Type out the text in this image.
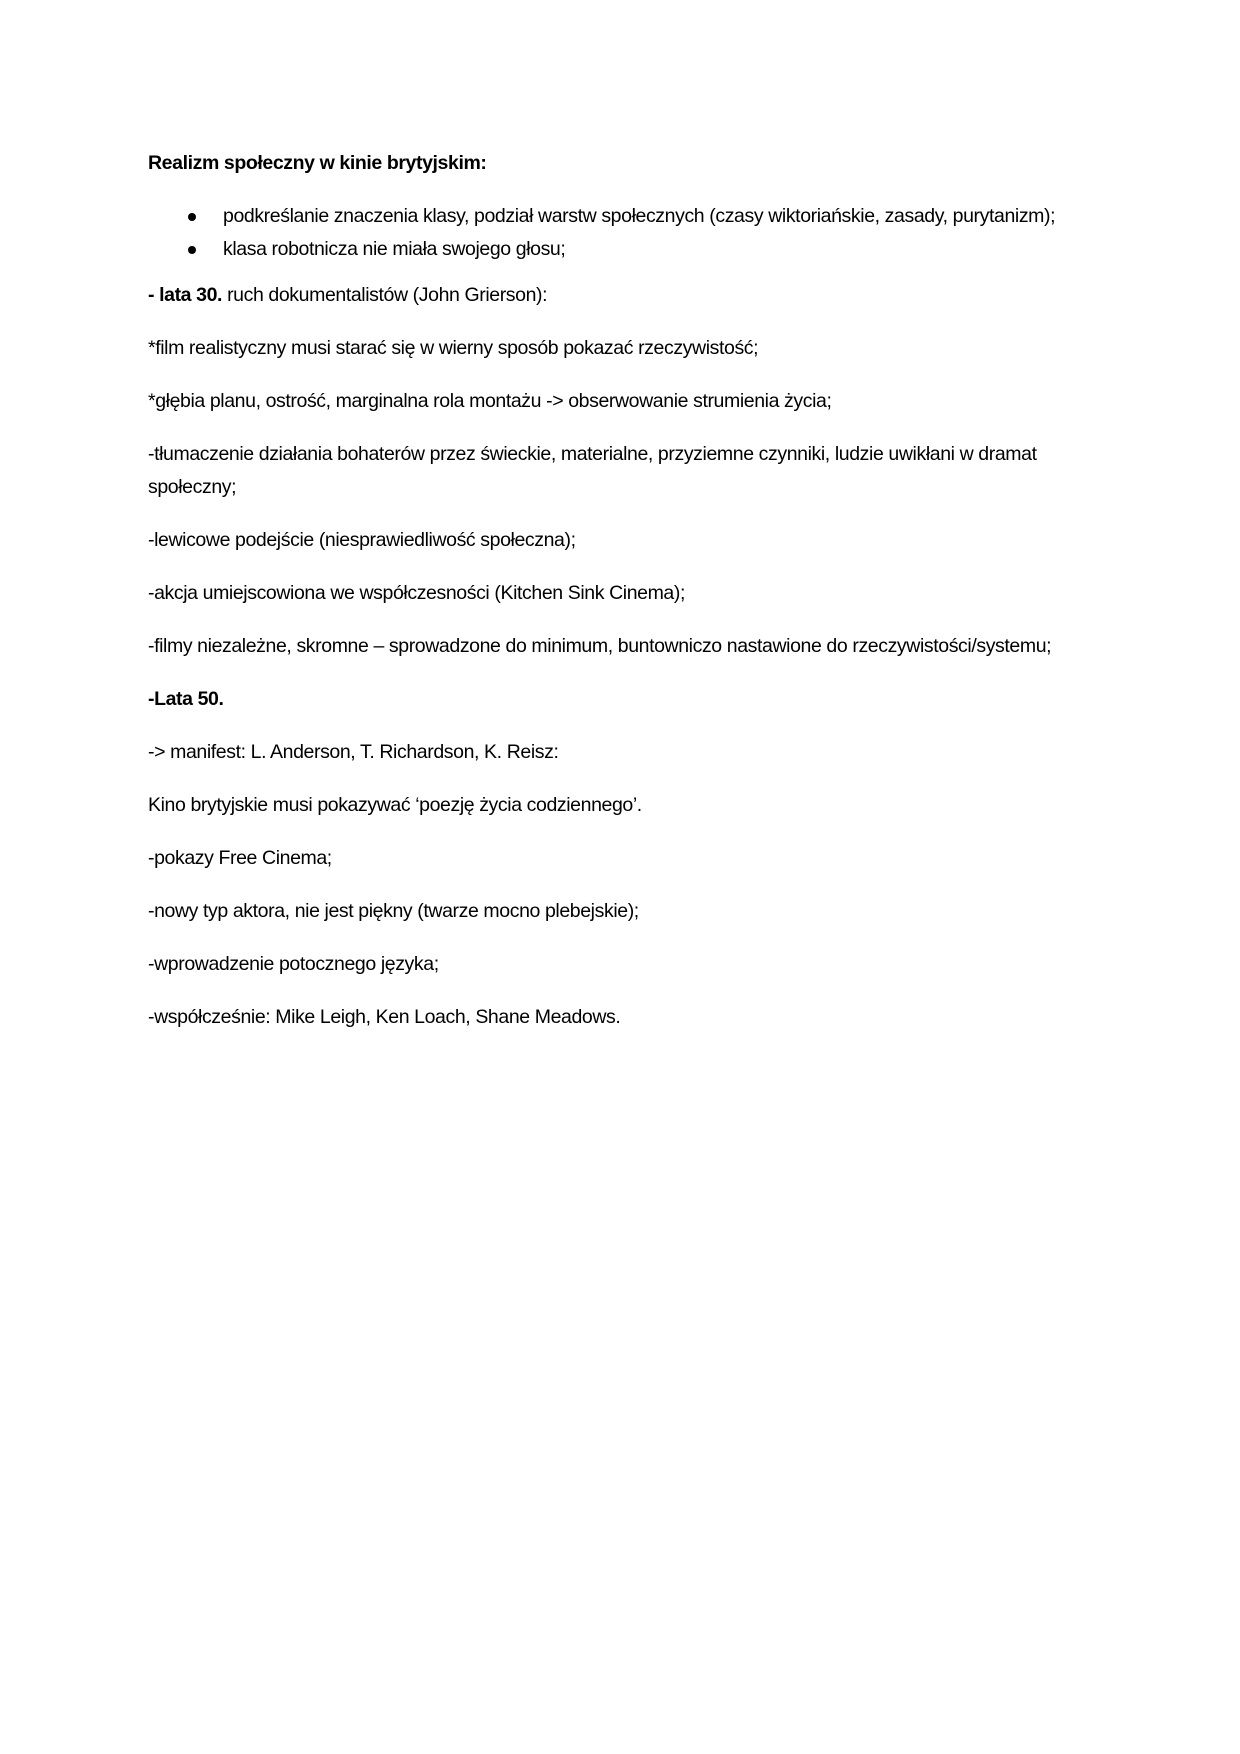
Realizm społeczny w kinie brytyjskim:

podkreślanie znaczenia klasy, podział warstw społecznych (czasy wiktoriańskie, zasady, purytanizm);
klasa robotnicza nie miała swojego głosu;

- lata 30. ruch dokumentalistów (John Grierson):

*film realistyczny musi starać się w wierny sposób pokazać rzeczywistość;

*głębia planu, ostrość, marginalna rola montażu -> obserwowanie strumienia życia;

-tłumaczenie działania bohaterów przez świeckie, materialne, przyziemne czynniki, ludzie uwikłani w dramat społeczny;

-lewicowe podejście (niesprawiedliwość społeczna);

-akcja umiejscowiona we współczesności (Kitchen Sink Cinema);

-filmy niezależne, skromne – sprowadzone do minimum, buntowniczo nastawione do rzeczywistości/systemu;

-Lata 50.

-> manifest: L. Anderson, T. Richardson, K. Reisz:

Kino brytyjskie musi pokazywać ‘poezję życia codziennego’.

-pokazy Free Cinema;

-nowy typ aktora, nie jest piękny (twarze mocno plebejskie);

-wprowadzenie potocznego języka;

-współcześnie: Mike Leigh, Ken Loach, Shane Meadows.
